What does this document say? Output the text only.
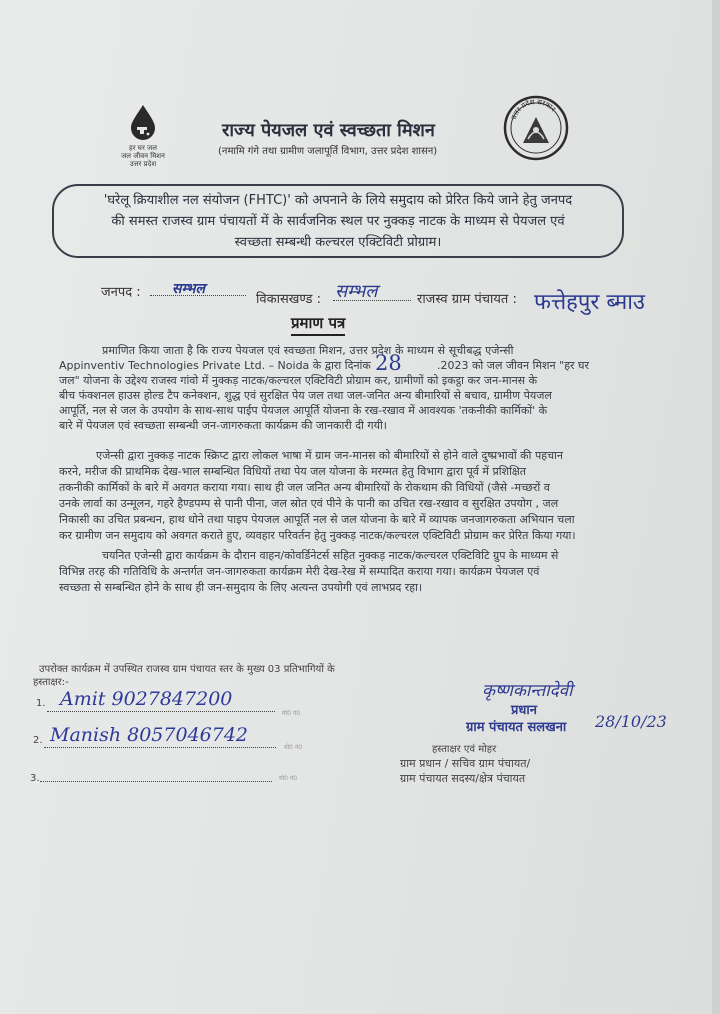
हर घर जल
जल जीवन मिशन
उत्तर प्रदेश
राज्य पेयजल एवं स्वच्छता मिशन
(नमामि गंगे तथा ग्रामीण जलापूर्ति विभाग, उत्तर प्रदेश शासन)
उत्तर प्रदेश सरकार
'घरेलू क्रियाशील नल संयोजन (FHTC)' को अपनाने के लिये समुदाय को प्रेरित किये जाने हेतु जनपद
की समस्त राजस्व ग्राम पंचायतों में के सार्वजनिक स्थल पर नुक्कड़ नाटक के माध्यम से पेयजल एवं
स्वच्छता सम्बन्धी कल्चरल एक्टिविटी प्रोग्राम।
जनपद : सम्भल
विकासखण्ड : सम्भल	राजस्व ग्राम पंचायत : फत्तेहपुर ब्माउ
प्रमाण पत्र
प्रमाणित किया जाता है कि राज्य पेयजल एवं स्वच्छता मिशन, उत्तर प्रदेश के माध्यम से सूचीबद्ध एजेन्सी
Appinventiv Technologies Private Ltd. – Noida के द्वारा दिनांक 28	.2023 को जल जीवन मिशन "हर घर
जल" योजना के उद्देश्य राजस्व गांवो में नुक्कड़ नाटक/कल्चरल एक्टिविटी प्रोग्राम कर, ग्रामीणों को इकट्ठा कर जन-मानस के
बीच फंक्शनल हाउस होल्ड टैप कनेक्शन, शुद्ध एवं सुरक्षित पेय जल तथा जल-जनित अन्य बीमारियों से बचाव, ग्रामीण पेयजल
आपूर्ति, नल से जल के उपयोग के साथ-साथ पाईप पेयजल आपूर्ति योजना के रख-रखाव में आवश्यक 'तकनीकी कार्मिकों' के
बारे में पेयजल एवं स्वच्छता सम्बन्धी जन-जागरुकता कार्यक्रम की जानकारी दी गयी।
एजेन्सी द्वारा नुक्कड़ नाटक स्क्रिप्ट द्वारा लोकल भाषा में ग्राम जन-मानस को बीमारियों से होने वाले दुष्प्रभावों की पहचान
करने, मरीज की प्राथमिक देख-भाल सम्बन्धित विधियों तथा पेय जल योजना के मरम्मत हेतु विभाग द्वारा पूर्व में प्रशिक्षित
तकनीकी कार्मिकों के बारे में अवगत कराया गया। साथ ही जल जनित अन्य बीमारियों के रोकथाम की विधियों (जैसे -मच्छरों व
उनके लार्वा का उन्मूलन, गहरे हैण्डपम्प से पानी पीना, जल स्रोत एवं पीने के पानी का उचित रख-रखाव व सुरक्षित उपयोग , जल
निकासी का उचित प्रबन्धन, हाथ धोने तथा पाइप पेयजल आपूर्ति नल से जल योजना के बारे में व्यापक जनजागरुकता अभियान चला
कर ग्रामीण जन समुदाय को अवगत कराते हुए, व्यवहार परिवर्तन हेतु नुक्कड़ नाटक/कल्चरल एक्टिविटी प्रोग्राम कर प्रेरित किया गया।
चयनित एजेन्सी द्वारा कार्यक्रम के दौरान वाहन/कोवर्डिनेटर्स सहित नुक्कड़ नाटक/कल्चरल एक्टिविटि ग्रुप के माध्यम से
विभिन्न तरह की गतिविधि के अन्तर्गत जन-जागरुकता कार्यक्रम मेरी देख-रेख में सम्पादित कराया गया। कार्यक्रम पेयजल एवं
स्वच्छता से सम्बन्धित होने के साथ ही जन-समुदाय के लिए अत्यन्त उपयोगी एवं लाभप्रद रहा।
उपरोक्त कार्यक्रम में उपस्थित राजस्व ग्राम पंचायत स्तर के मुख्य 03 प्रतिभागियों के
हस्ताक्षर:-
1. Amit 9027847200
मो0 नं0
2. Manish 8057046742
मो0 नं0
3.	मो0 नं0
कृष्णकान्तादेवी
प्रधान
ग्राम पंचायत सलखना 28/10/23
हस्ताक्षर एवं मोहर
ग्राम प्रधान / सचिव ग्राम पंचायत/
ग्राम पंचायत सदस्य/क्षेत्र पंचायत
